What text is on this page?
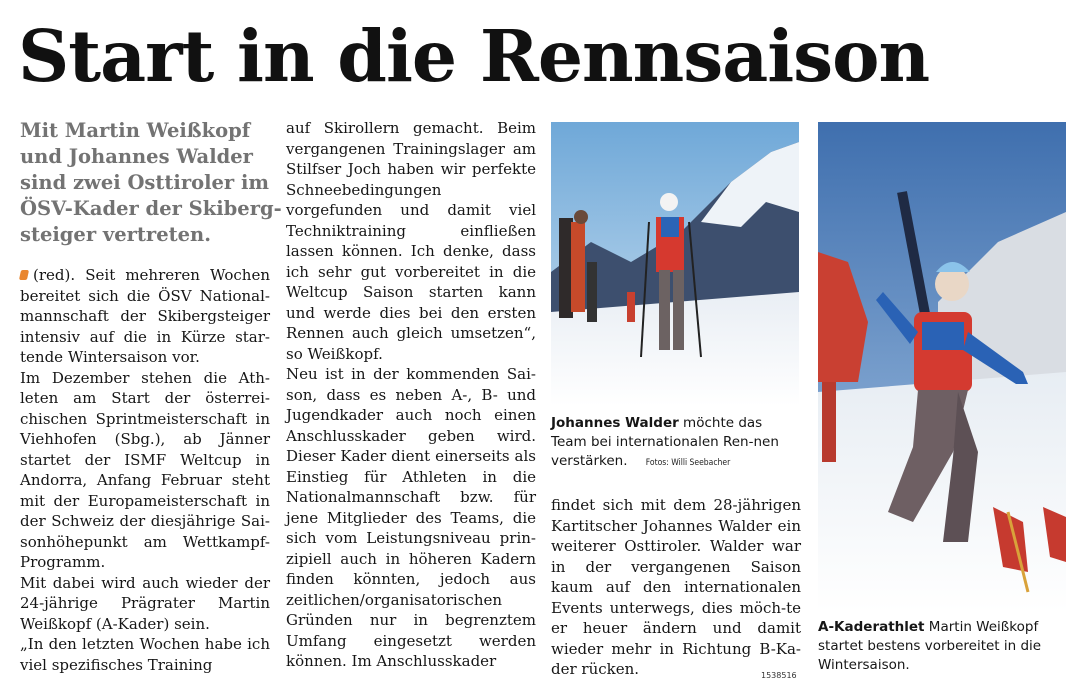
Start in die Rennsaison

Mit Martin Weißkopf und Johannes Walder sind zwei Osttiroler im ÖSV-Kader der Skiberg-steiger vertreten.

(red). Seit mehreren Wochen bereitet sich die ÖSV National-mannschaft der Skibergsteiger intensiv auf die in Kürze star-tende Wintersaison vor.

Im Dezember stehen die Ath-leten am Start der österrei-chischen Sprintmeisterschaft in Viehhofen (Sbg.), ab Jänner startet der ISMF Weltcup in Andorra, Anfang Februar steht mit der Europameisterschaft in der Schweiz der diesjährige Sai-sonhöhepunkt am Wettkampf-Programm.

Mit dabei wird auch wieder der 24-jährige Prägrater Martin Weißkopf (A-Kader) sein.

„In den letzten Wochen habe ich viel spezifisches Training

auf Skirollern gemacht. Beim vergangenen Trainingslager am Stilfser Joch haben wir perfekte Schneebedingungen vorgefunden und damit viel Techniktraining einfließen lassen können. Ich denke, dass ich sehr gut vorbereitet in die Weltcup Saison starten kann und werde dies bei den ersten Rennen auch gleich umsetzen“, so Weißkopf.

Neu ist in der kommenden Sai-son, dass es neben A-, B- und Jugendkader auch noch einen Anschlusskader geben wird. Dieser Kader dient einerseits als Einstieg für Athleten in die Nationalmannschaft bzw. für jene Mitglieder des Teams, die sich vom Leistungsniveau prin-zipiell auch in höheren Kadern finden könnten, jedoch aus zeitlichen/organisatorischen Gründen nur in begrenztem Umfang eingesetzt werden können. Im Anschlusskader

Johannes Walder möchte das Team bei internationalen Ren-nen verstärken. Fotos: Willi Seebacher

findet sich mit dem 28-jährigen Kartitscher Johannes Walder ein weiterer Osttiroler. Walder war in der vergangenen Saison kaum auf den internationalen Events unterwegs, dies möch-te er heuer ändern und damit wieder mehr in Richtung B-Ka-der rücken.

A-Kaderathlet Martin Weißkopf startet bestens vorbereitet in die Wintersaison.
1538516
